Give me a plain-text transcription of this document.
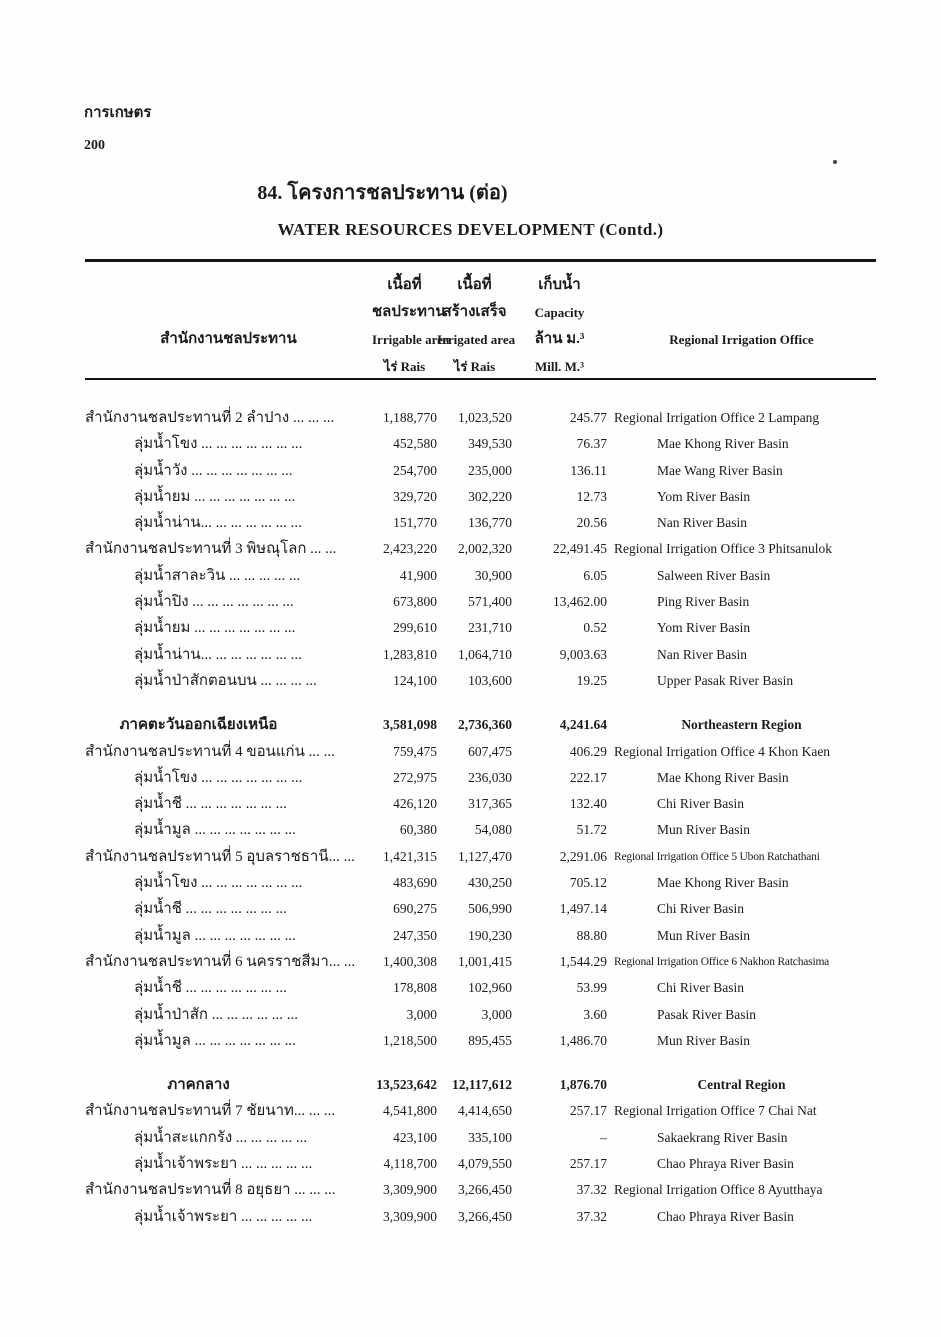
การเกษตร
200
84. โครงการชลประทาน (ต่อ)
WATER RESOURCES DEVELOPMENT (Contd.)
สำนักงานชลประทาน
เนื้อที่
ชลประทาน
Irrigable area
ไร่ Rais
เนื้อที่
สร้างเสร็จ
Irrigated area
ไร่ Rais
เก็บน้ำ
Capacity
ล้าน ม.³
Mill. M.³
Regional Irrigation Office
สำนักงานชลประทานที่ 2 ลำปาง ... ... ...	1,188,770	1,023,520	245.77 Regional Irrigation Office 2 Lampang
ลุ่มน้ำโขง ... ... ... ... ... ... ...	452,580	349,530	76.37	Mae Khong River Basin
ลุ่มน้ำวัง ... ... ... ... ... ... ...	254,700	235,000	136.11	Mae Wang River Basin
ลุ่มน้ำยม ... ... ... ... ... ... ...	329,720	302,220	12.73	Yom River Basin
ลุ่มน้ำน่าน... ... ... ... ... ... ...	151,770	136,770	20.56	Nan River Basin
สำนักงานชลประทานที่ 3 พิษณุโลก ... ...	2,423,220	2,002,320	22,491.45 Regional Irrigation Office 3 Phitsanulok
ลุ่มน้ำสาละวิน ... ... ... ... ...	41,900	30,900	6.05	Salween River Basin
ลุ่มน้ำปิง ... ... ... ... ... ... ...	673,800	571,400	13,462.00	Ping River Basin
ลุ่มน้ำยม ... ... ... ... ... ... ...	299,610	231,710	0.52	Yom River Basin
ลุ่มน้ำน่าน... ... ... ... ... ... ...	1,283,810	1,064,710	9,003.63	Nan River Basin
ลุ่มน้ำป่าสักตอนบน ... ... ... ...	124,100	103,600	19.25	Upper Pasak River Basin
ภาคตะวันออกเฉียงเหนือ	3,581,098	2,736,360	4,241.64	Northeastern Region
สำนักงานชลประทานที่ 4 ขอนแก่น ... ...	759,475	607,475	406.29 Regional Irrigation Office 4 Khon Kaen
ลุ่มน้ำโขง ... ... ... ... ... ... ...	272,975	236,030	222.17	Mae Khong River Basin
ลุ่มน้ำชี ... ... ... ... ... ... ...	426,120	317,365	132.40	Chi River Basin
ลุ่มน้ำมูล ... ... ... ... ... ... ...	60,380	54,080	51.72	Mun River Basin
สำนักงานชลประทานที่ 5 อุบลราชธานี... ...	1,421,315	1,127,470	2,291.06 Regional Irrigation Office 5 Ubon Ratchathani
ลุ่มน้ำโขง ... ... ... ... ... ... ...	483,690	430,250	705.12	Mae Khong River Basin
ลุ่มน้ำชี ... ... ... ... ... ... ...	690,275	506,990	1,497.14	Chi River Basin
ลุ่มน้ำมูล ... ... ... ... ... ... ...	247,350	190,230	88.80	Mun River Basin
สำนักงานชลประทานที่ 6 นครราชสีมา... ...	1,400,308	1,001,415	1,544.29 Regional Irrigation Office 6 Nakhon Ratchasima
ลุ่มน้ำชี ... ... ... ... ... ... ...	178,808	102,960	53.99	Chi River Basin
ลุ่มน้ำป่าสัก ... ... ... ... ... ...	3,000	3,000	3.60	Pasak River Basin
ลุ่มน้ำมูล ... ... ... ... ... ... ...	1,218,500	895,455	1,486.70	Mun River Basin
ภาคกลาง	13,523,642	12,117,612	1,876.70	Central Region
สำนักงานชลประทานที่ 7 ชัยนาท... ... ...	4,541,800	4,414,650	257.17 Regional Irrigation Office 7 Chai Nat
ลุ่มน้ำสะแกกรัง ... ... ... ... ...	423,100	335,100	–	Sakaekrang River Basin
ลุ่มน้ำเจ้าพระยา ... ... ... ... ...	4,118,700	4,079,550	257.17	Chao Phraya River Basin
สำนักงานชลประทานที่ 8 อยุธยา ... ... ...	3,309,900	3,266,450	37.32 Regional Irrigation Office 8 Ayutthaya
ลุ่มน้ำเจ้าพระยา ... ... ... ... ...	3,309,900	3,266,450	37.32	Chao Phraya River Basin
